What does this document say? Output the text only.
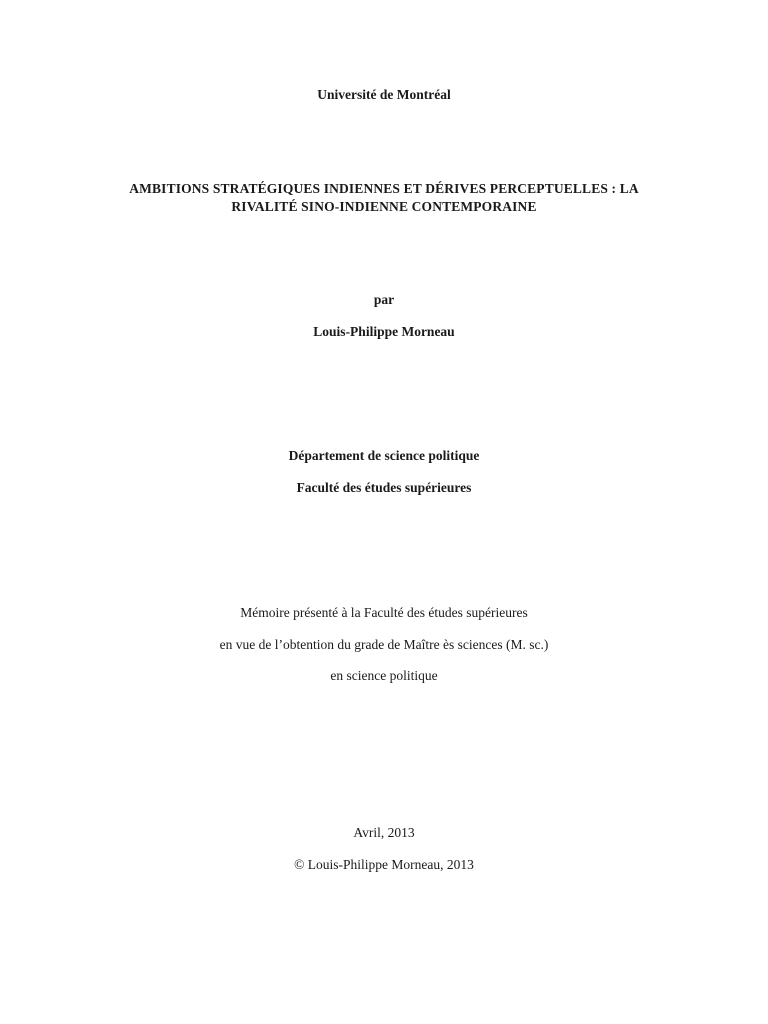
Université de Montréal
AMBITIONS STRATÉGIQUES INDIENNES ET DÉRIVES PERCEPTUELLES : LA
RIVALITÉ SINO-INDIENNE CONTEMPORAINE
par
Louis-Philippe Morneau
Département de science politique
Faculté des études supérieures
Mémoire présenté à la Faculté des études supérieures
en vue de l’obtention du grade de Maître ès sciences (M. sc.)
en science politique
Avril, 2013
© Louis-Philippe Morneau, 2013
